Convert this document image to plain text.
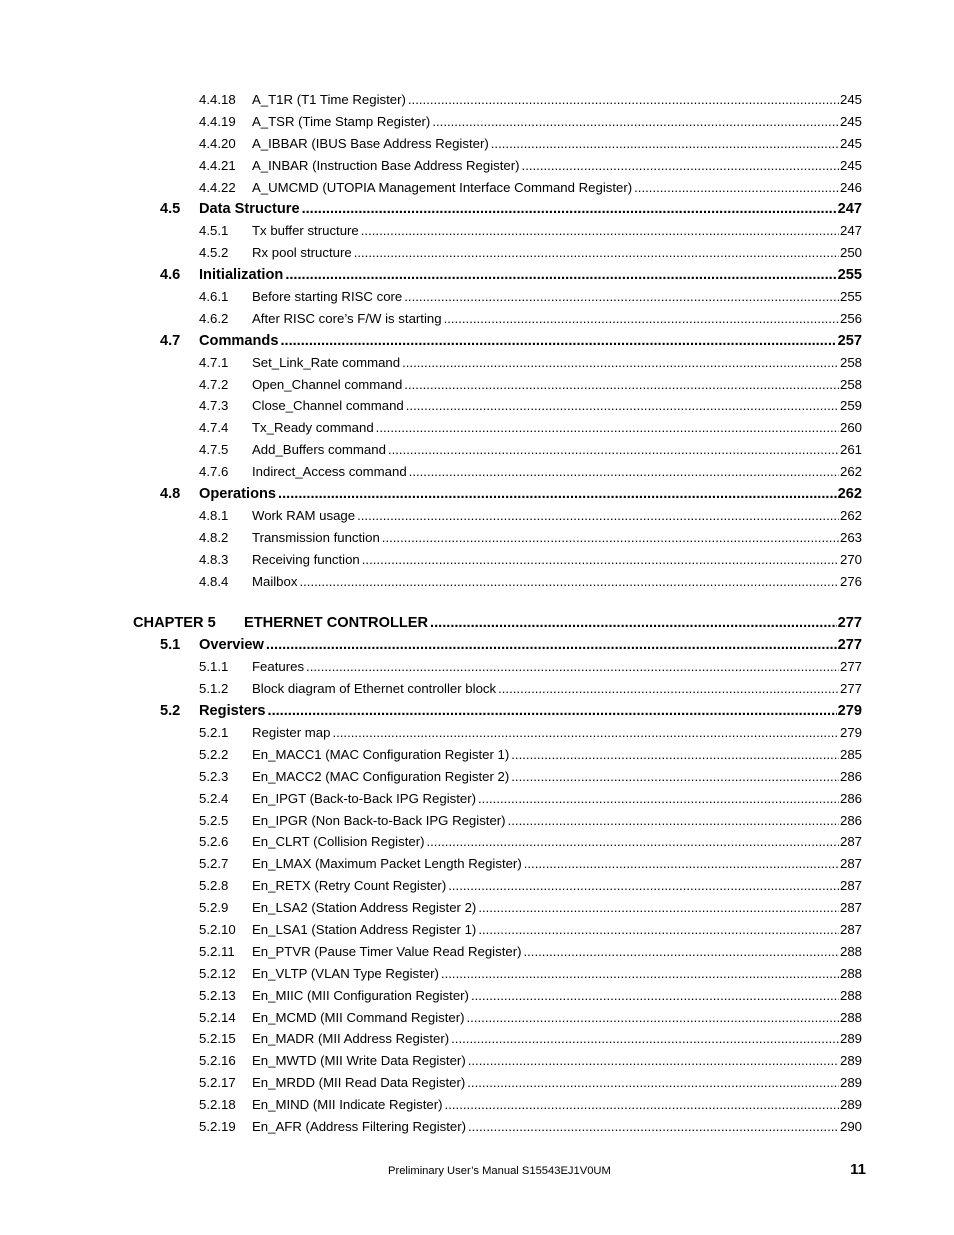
4.4.18 A_T1R (T1 Time Register) .....	245
4.4.19 A_TSR (Time Stamp Register) .....	245
4.4.20 A_IBBAR (IBUS Base Address Register) .....	245
4.4.21 A_INBAR (Instruction Base Address Register) .....	245
4.4.22 A_UMCMD (UTOPIA Management Interface Command Register) .....	246
4.5 Data Structure .....	247
4.5.1 Tx buffer structure .....	247
4.5.2 Rx pool structure .....	250
4.6 Initialization .....	255
4.6.1 Before starting RISC core .....	255
4.6.2 After RISC core’s F/W is starting .....	256
4.7 Commands .....	257
4.7.1 Set_Link_Rate command .....	258
4.7.2 Open_Channel command .....	258
4.7.3 Close_Channel command .....	259
4.7.4 Tx_Ready command .....	260
4.7.5 Add_Buffers command .....	261
4.7.6 Indirect_Access command .....	262
4.8 Operations .....	262
4.8.1 Work RAM usage .....	262
4.8.2 Transmission function .....	263
4.8.3 Receiving function .....	270
4.8.4 Mailbox .....	276
CHAPTER 5 ETHERNET CONTROLLER .....	277
5.1 Overview .....	277
5.1.1 Features .....	277
5.1.2 Block diagram of Ethernet controller block .....	277
5.2 Registers .....	279
5.2.1 Register map .....	279
5.2.2 En_MACC1 (MAC Configuration Register 1) .....	285
5.2.3 En_MACC2 (MAC Configuration Register 2) .....	286
5.2.4 En_IPGT (Back-to-Back IPG Register) .....	286
5.2.5 En_IPGR (Non Back-to-Back IPG Register) .....	286
5.2.6 En_CLRT (Collision Register) .....	287
5.2.7 En_LMAX (Maximum Packet Length Register) .....	287
5.2.8 En_RETX (Retry Count Register) .....	287
5.2.9 En_LSA2 (Station Address Register 2) .....	287
5.2.10 En_LSA1 (Station Address Register 1) .....	287
5.2.11 En_PTVR (Pause Timer Value Read Register) .....	288
5.2.12 En_VLTP (VLAN Type Register) .....	288
5.2.13 En_MIIC (MII Configuration Register) .....	288
5.2.14 En_MCMD (MII Command Register) .....	288
5.2.15 En_MADR (MII Address Register) .....	289
5.2.16 En_MWTD (MII Write Data Register) .....	289
5.2.17 En_MRDD (MII Read Data Register) .....	289
5.2.18 En_MIND (MII Indicate Register) .....	289
5.2.19 En_AFR (Address Filtering Register) .....	290
Preliminary User’s Manual S15543EJ1V0UM	11
